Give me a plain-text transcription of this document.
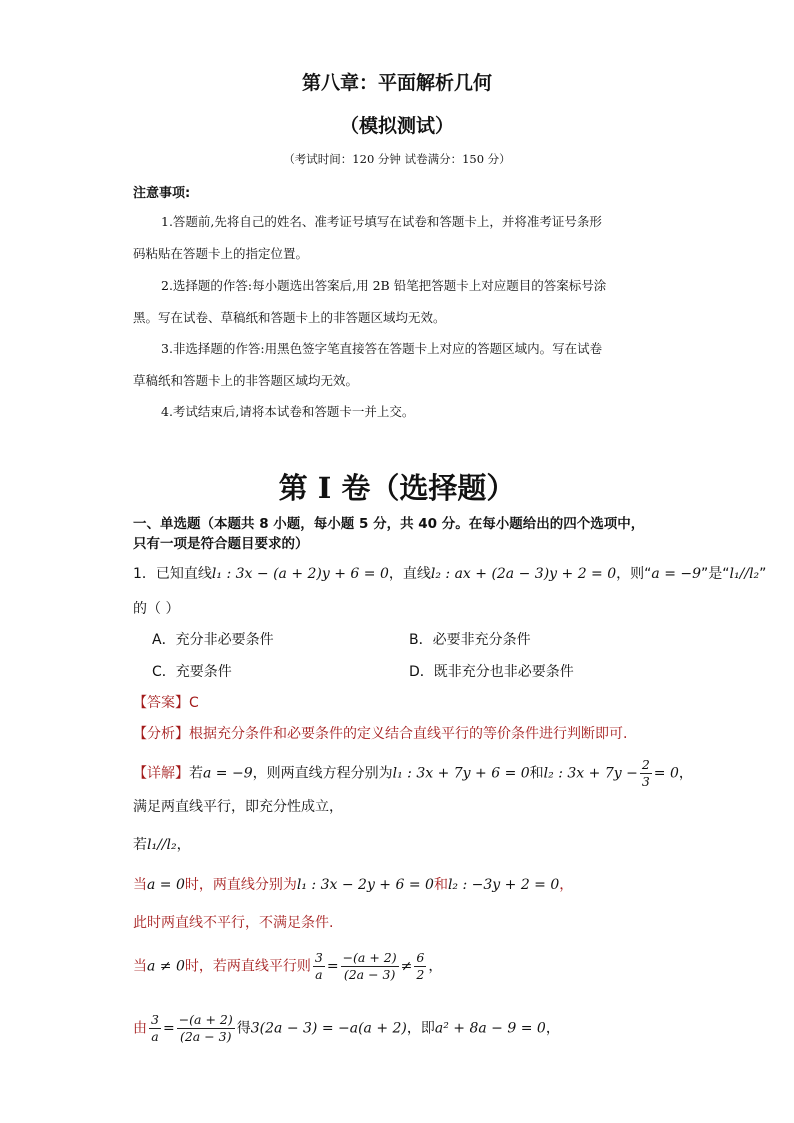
第八章：平面解析几何
（模拟测试）
（考试时间：120 分钟 试卷满分：150 分）
注意事项:
1.答题前,先将自己的姓名、准考证号填写在试卷和答题卡上，并将准考证号条形
码粘贴在答题卡上的指定位置。
2.选择题的作答:每小题选出答案后,用 2B 铅笔把答题卡上对应题目的答案标号涂
黑。写在试卷、草稿纸和答题卡上的非答题区域均无效。
3.非选择题的作答:用黑色签字笔直接答在答题卡上对应的答题区域内。写在试卷
草稿纸和答题卡上的非答题区域均无效。
4.考试结束后,请将本试卷和答题卡一并上交。
第 I 卷（选择题）
一、单选题（本题共 8 小题，每小题 5 分，共 40 分。在每小题给出的四个选项中，
只有一项是符合题目要求的）
1．已知直线l₁ : 3x − (a + 2)y + 6 = 0，直线l₂ : ax + (2a − 3)y + 2 = 0，则“a = −9”是“l₁//l₂”
的（ ）
A．充分非必要条件	B．必要非充分条件
C．充要条件	D．既非充分也非必要条件
【答案】C
【分析】根据充分条件和必要条件的定义结合直线平行的等价条件进行判断即可.
【详解】若a = −9，则两直线方程分别为l₁ : 3x + 7y + 6 = 0和l₂ : $3x + 7y - \frac{2}{3} = 0$，
满足两直线平行，即充分性成立，
若l₁//l₂，
当a = 0时，两直线分别为l₁ : 3x − 2y + 6 = 0和l₂ : −3y + 2 = 0，
此时两直线不平行，不满足条件.
当a ≠ 0时，若两直线平行则 $\frac{3}{a} = \frac{-(a + 2)}{(2a - 3)} \ne \frac{6}{2}$ ，
由 $\frac{3}{a} = \frac{-(a + 2)}{(2a - 3)}$ 得3(2a − 3) = −a(a + 2)，即a² + 8a − 9 = 0，
